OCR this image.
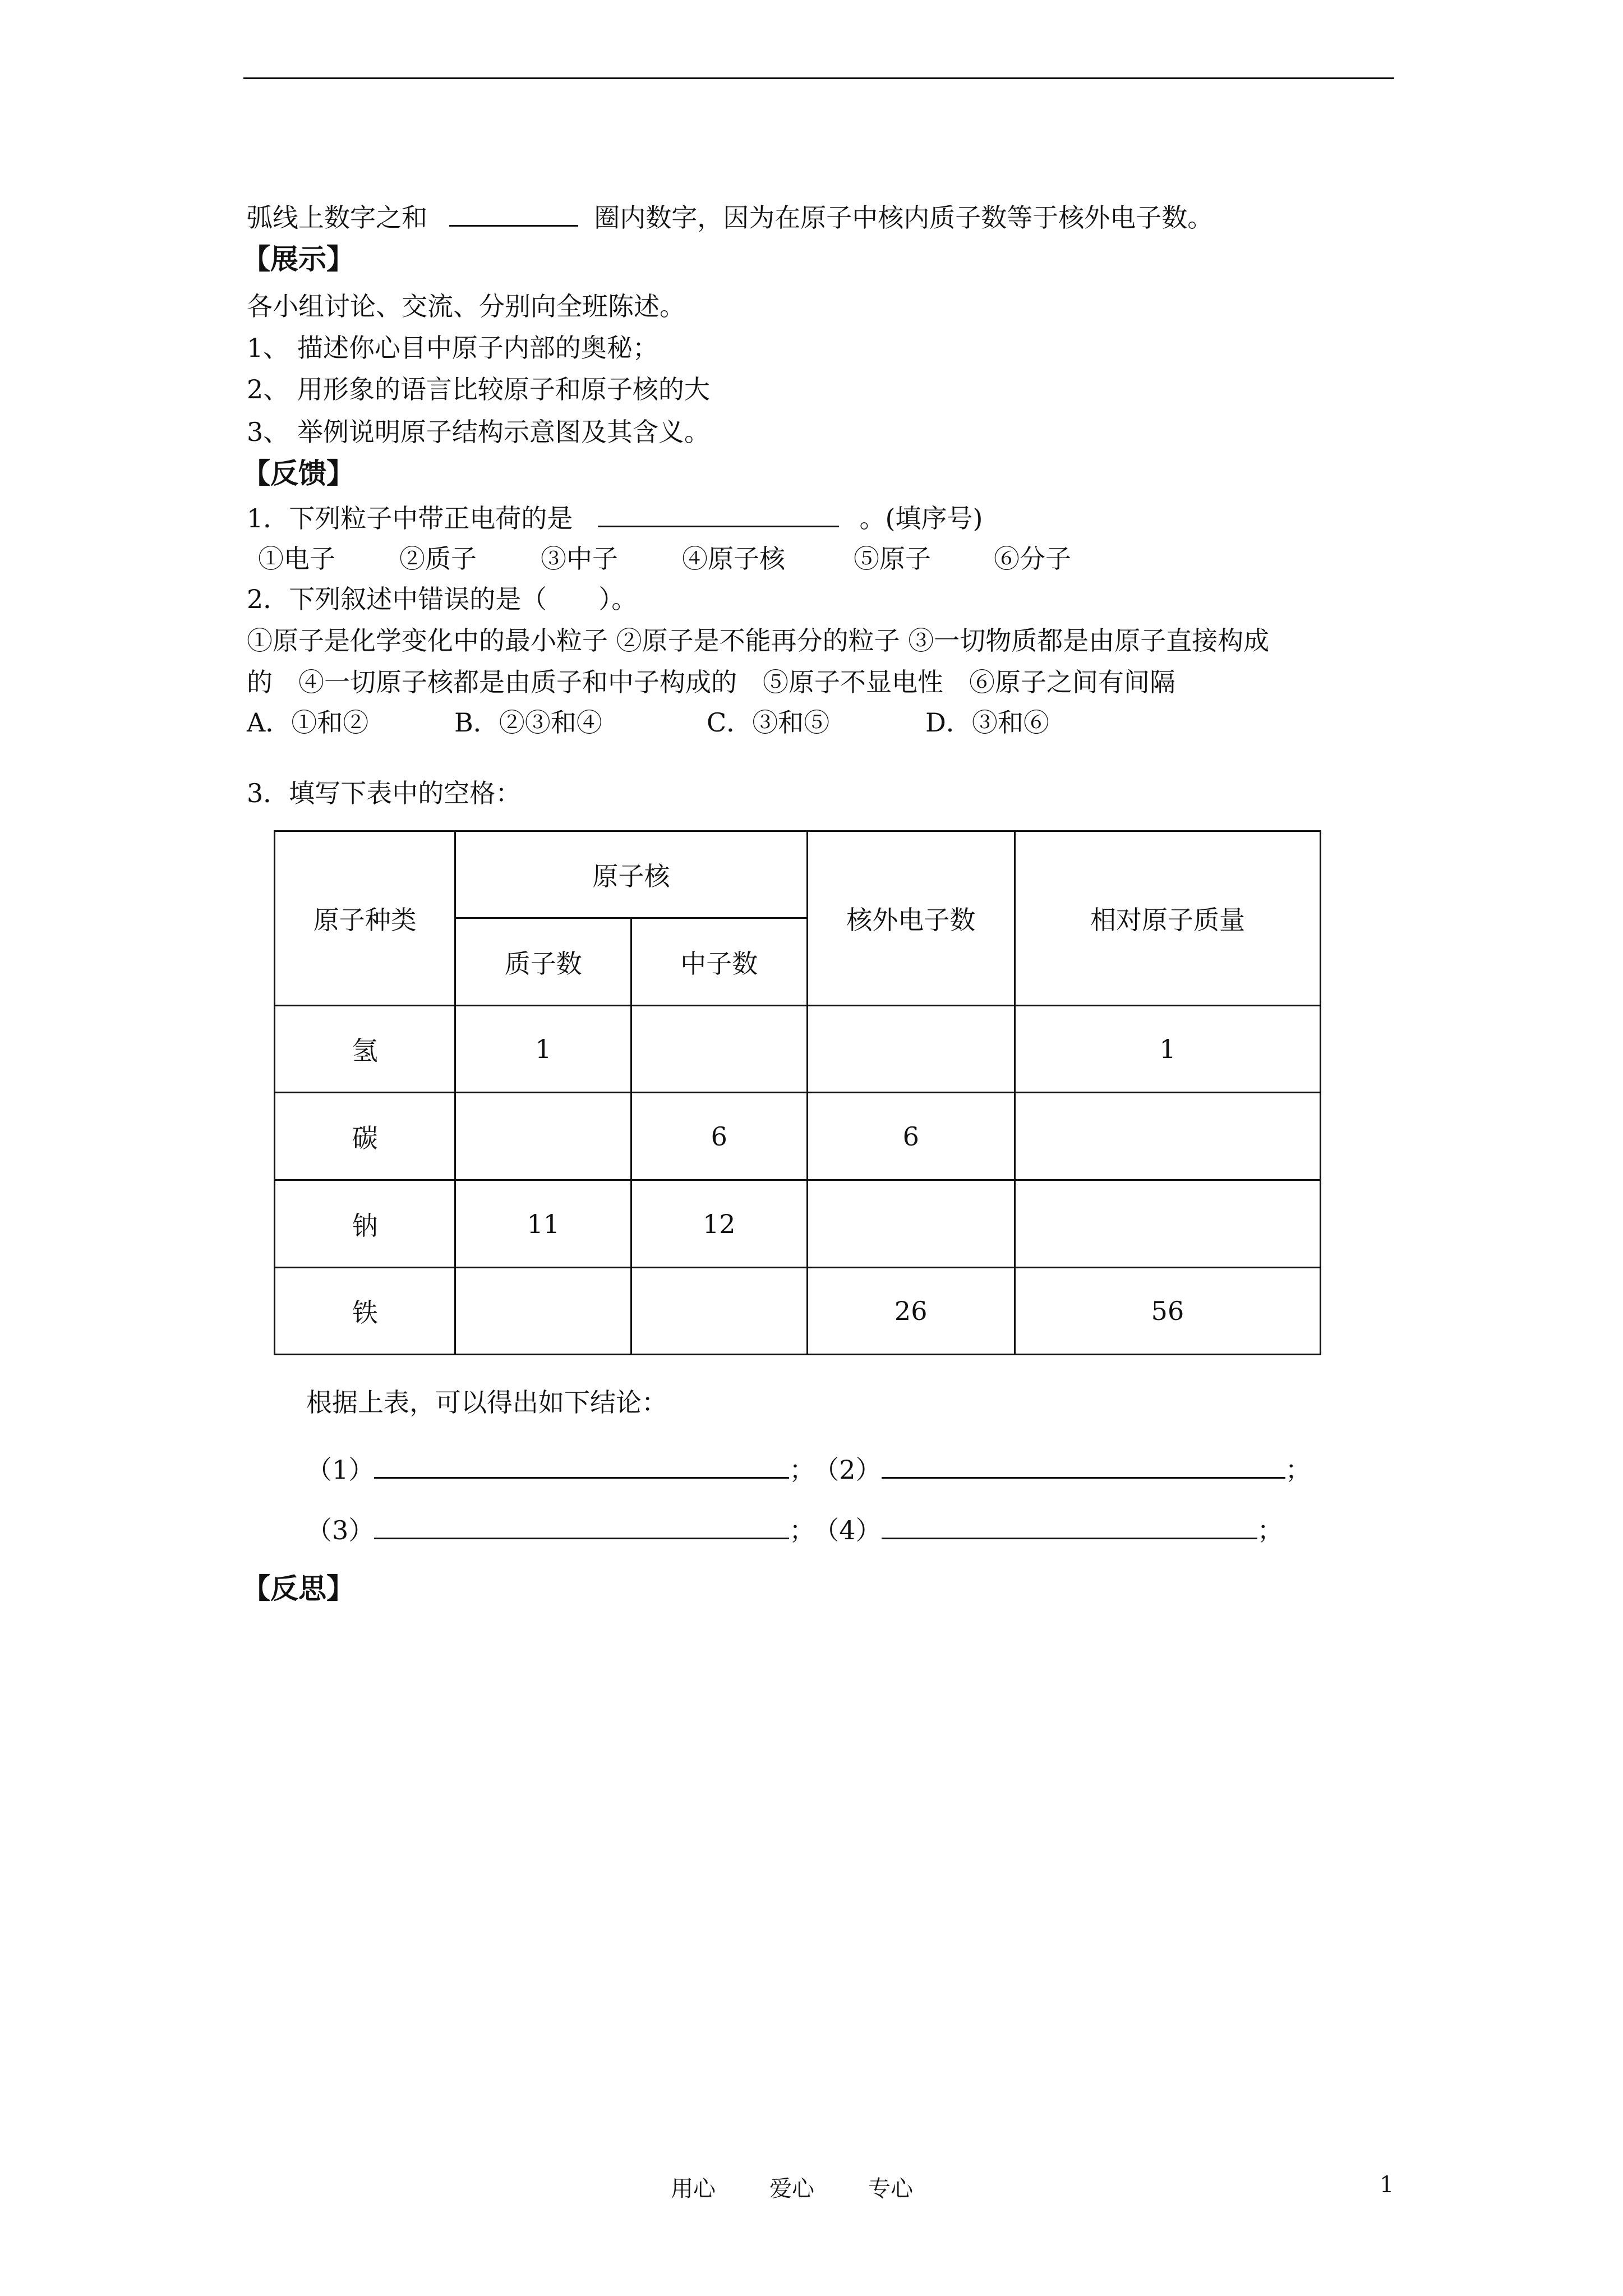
弧线上数字之和	圈内数字，因为在原子中核内质子数等于核外电子数。
【展示】
各小组讨论、交流、分别向全班陈述。
1、 描述你心目中原子内部的奥秘；
2、 用形象的语言比较原子和原子核的大
3、 举例说明原子结构示意图及其含义。
【反馈】
1．下列粒子中带正电荷的是	。(填序号)
①电子 ②质子 ③中子 ④原子核	⑤原子 ⑥分子
2．下列叙述中错误的是（　　）。
①原子是化学变化中的最小粒子 ②原子是不能再分的粒子 ③一切物质都是由原子直接构成
的　④一切原子核都是由质子和中子构成的　⑤原子不显电性　⑥原子之间有间隔
A．①和②	B．②③和④	C．③和⑤	D．③和⑥
3．填写下表中的空格：
原子种类	原子核		核外电子数	相对原子质量
	质子数	中子数		
氢	1			1
碳		6	6	
钠	11	12		
铁			26	56
根据上表，可以得出如下结论：
（1）	； （2）	；
（3）	； （4）	；
【反思】
用心 爱心 专心	1
